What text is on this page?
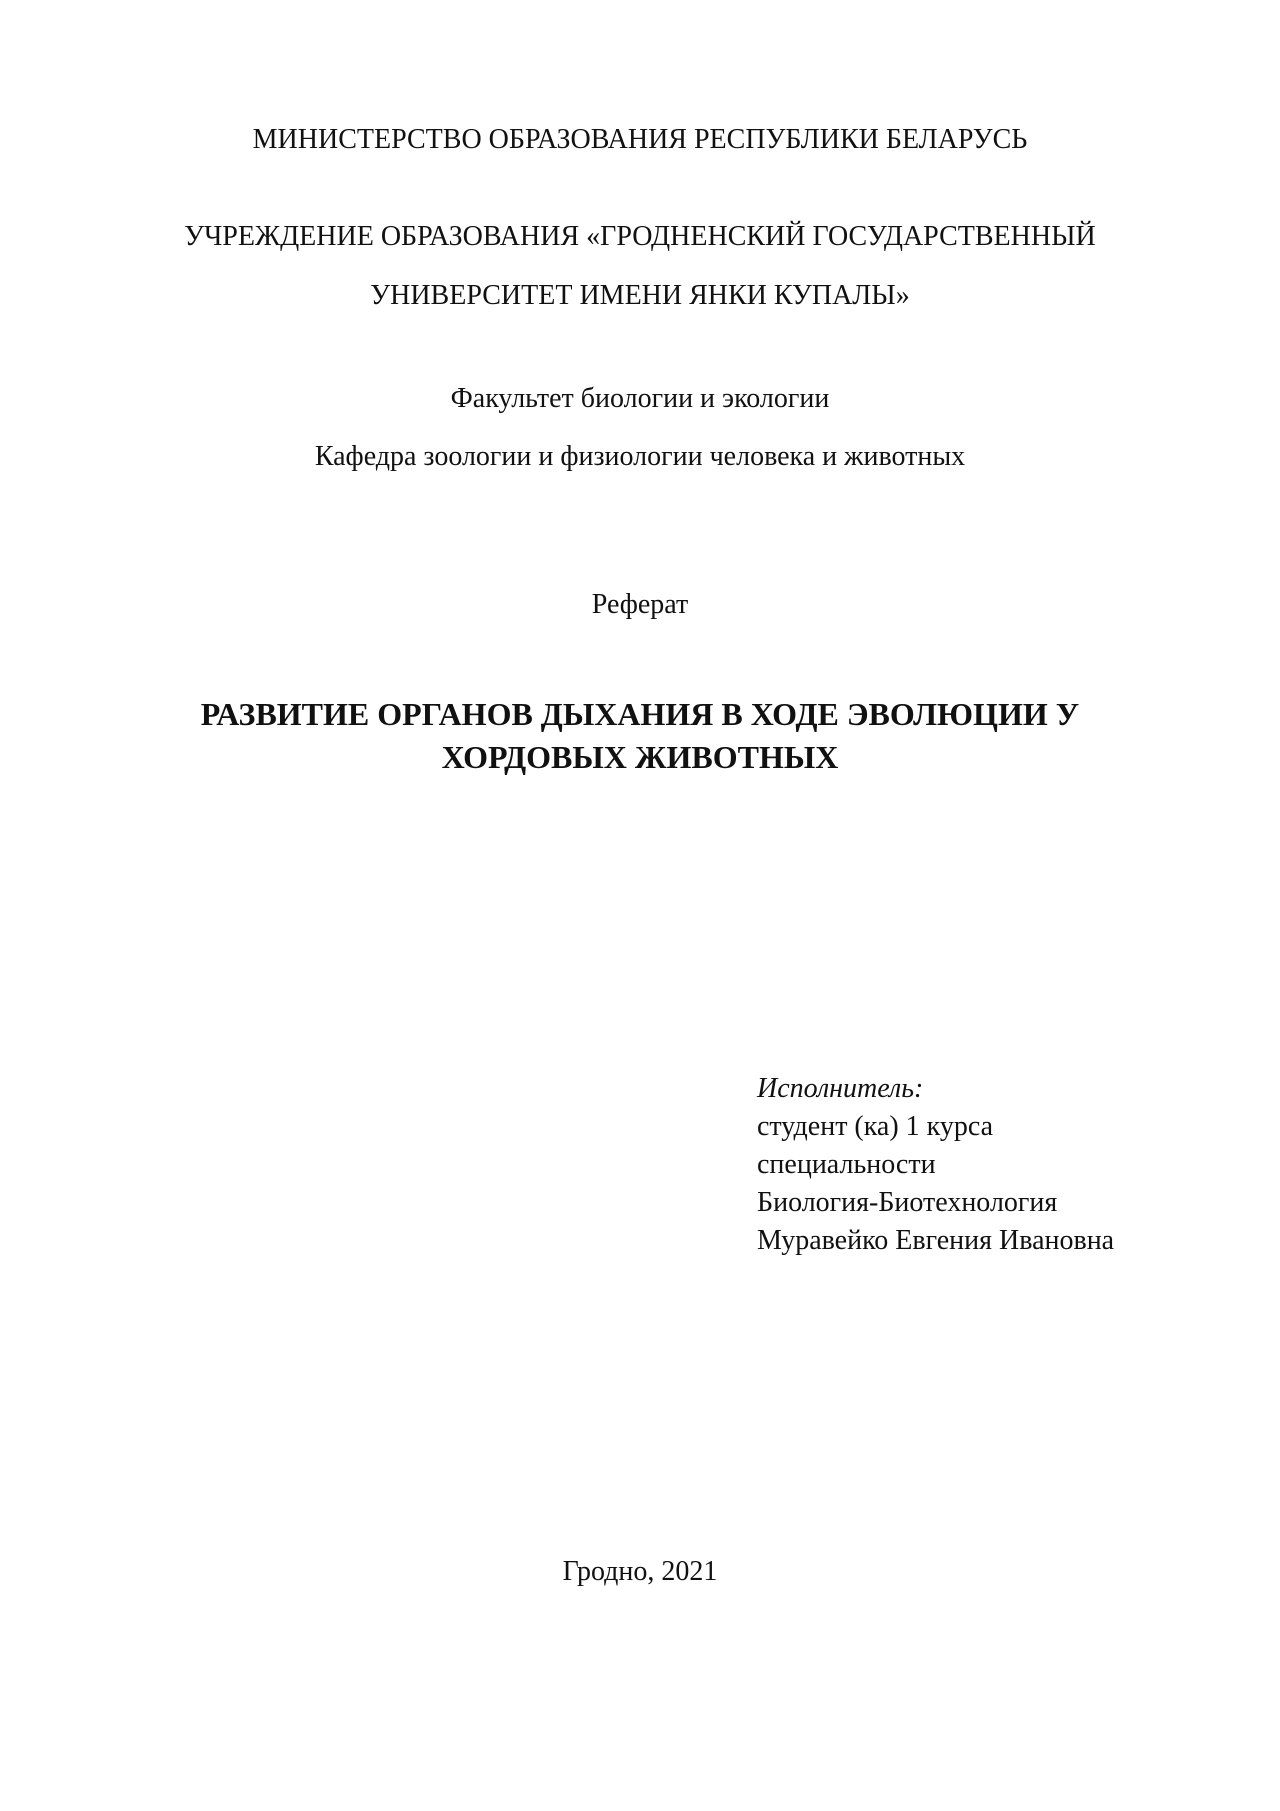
МИНИСТЕРСТВО ОБРАЗОВАНИЯ РЕСПУБЛИКИ БЕЛАРУСЬ
УЧРЕЖДЕНИЕ ОБРАЗОВАНИЯ «ГРОДНЕНСКИЙ ГОСУДАРСТВЕННЫЙ
УНИВЕРСИТЕТ ИМЕНИ ЯНКИ КУПАЛЫ»
Факультет биологии и экологии
Кафедра зоологии и физиологии человека и животных
Реферат
РАЗВИТИЕ ОРГАНОВ ДЫХАНИЯ В ХОДЕ ЭВОЛЮЦИИ У
ХОРДОВЫХ ЖИВОТНЫХ
Исполнитель:
студент (ка) 1 курса
специальности
Биология-Биотехнология
Муравейко Евгения Ивановна
Гродно, 2021
